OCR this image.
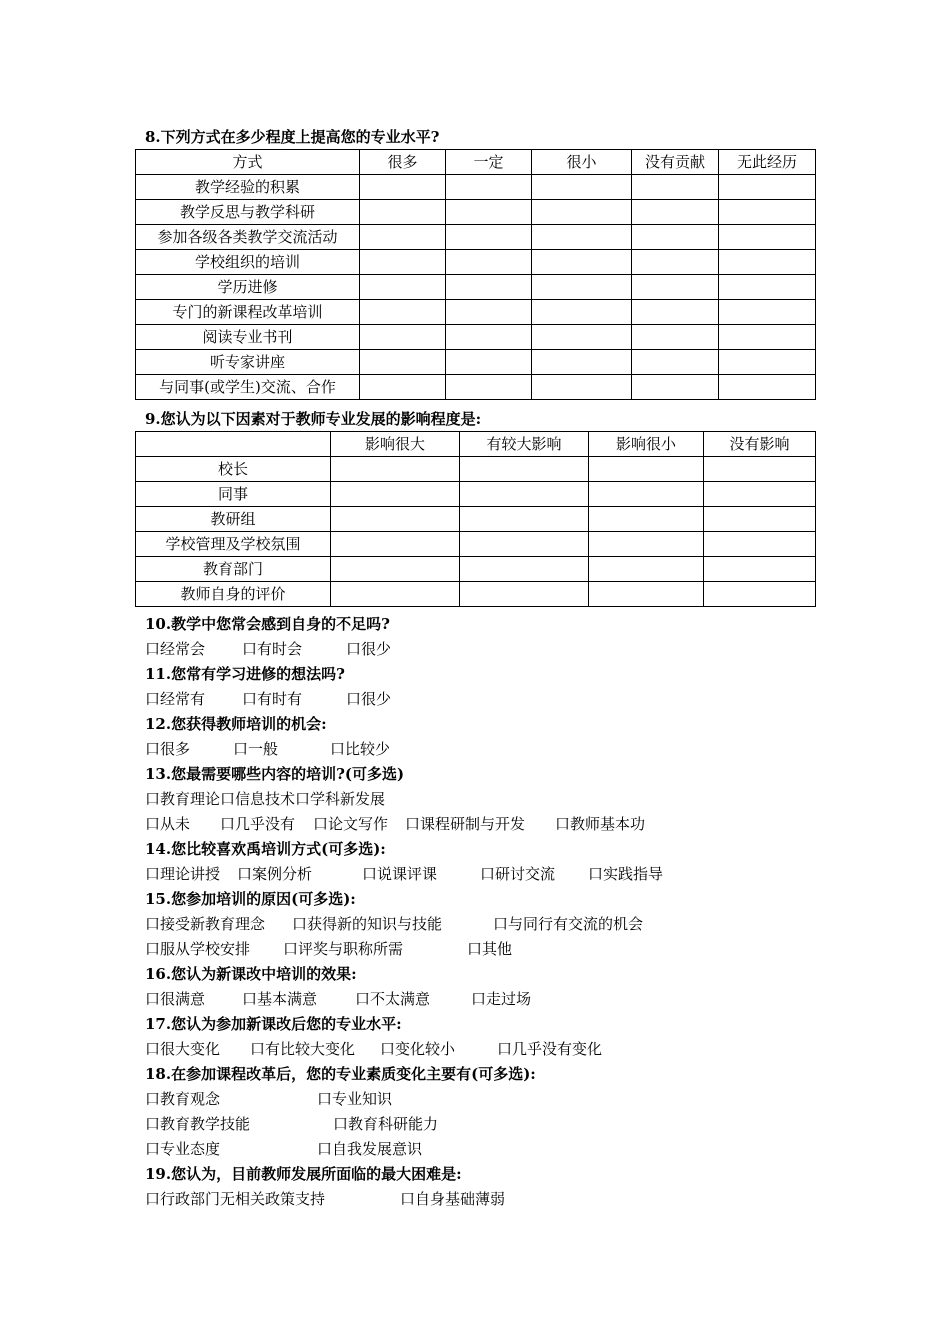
8.下列方式在多少程度上提高您的专业水平?
方式	很多	一定	很小	没有贡献	无此经历
教学经验的积累					
教学反思与教学科研					
参加各级各类教学交流活动					
学校组织的培训					
学历进修					
专门的新课程改革培训					
阅读专业书刊					
听专家讲座					
与同事(或学生)交流、合作					
9.您认为以下因素对于教师专业发展的影响程度是:
	影响很大	有较大影响	影响很小	没有影响
校长				
同事				
教研组				
学校管理及学校氛围				
教育部门				
教师自身的评价				
10.教学中您常会感到自身的不足吗?
口经常会 口有时会	口很少
11.您常有学习进修的想法吗?
口经常有 口有时有	口很少
12.您获得教师培训的机会:
口很多	口一般	口比较少
13.您最需要哪些内容的培训?(可多选)
口教育理论口信息技术口学科新发展
口从未 口几乎没有 口论文写作 口课程研制与开发 口教师基本功
14.您比较喜欢禹培训方式(可多选):
口理论讲授 口案例分析	口说课评课	口研讨交流 口实践指导
15.您参加培训的原因(可多选):
口接受新教育理念 口获得新的知识与技能	口与同行有交流的机会
口服从学校安排 口评奖与职称所需	口其他
16.您认为新课改中培训的效果:
口很满意 口基本满意	口不太满意	口走过场
17.您认为参加新课改后您的专业水平:
口很大变化 口有比较大变化 口变化较小	口几乎没有变化
18.在参加课程改革后，您的专业素质变化主要有(可多选):
口教育观念	口专业知识
口教育教学技能	口教育科研能力
口专业态度	口自我发展意识
19.您认为，目前教师发展所面临的最大困难是:
口行政部门无相关政策支持	口自身基础薄弱
